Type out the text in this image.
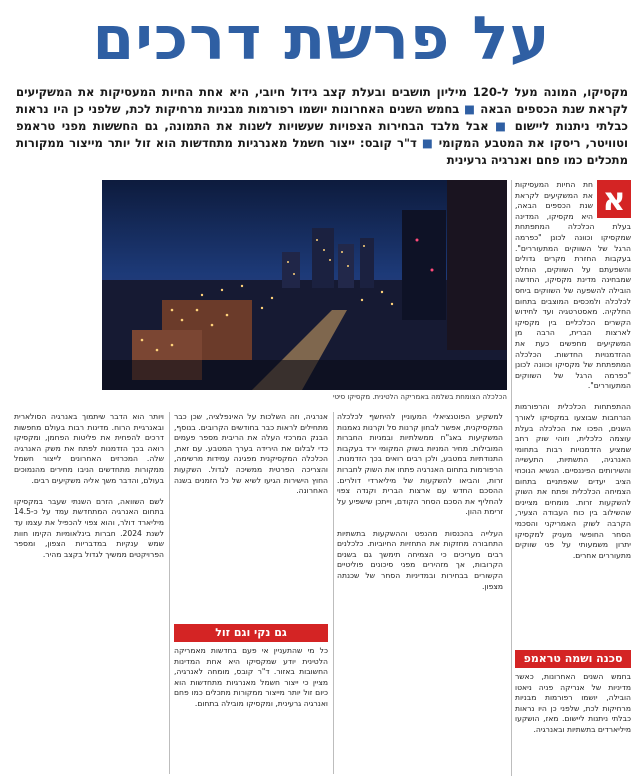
על פרשת דרכים
מקסיקו, המונה מעל ל-120 מיליון תושבים ובעלת קצב גידול חיובי, היא אחת החיות המעסיקות את המשקיעים לקראת שנת הכספים הבאה ■ בחמש השנים האחרונות יושמו רפורמות מבניות מרחיקות לכת, שלפני כן היו נראות כבלתי ניתנות ליישום ■ אבל מלבד הבחירות הצפויות שעשויות לשנות את התמונה, גם החששות מפני טראמפ וטוויטר, ריסקו את המטבע המקומי ■ ד"ר קובס: ייצור חשמל מאנרגיות מתחדשות הוא זול יותר מייצור ממקורות מתכלים כמו פחם ואנרגיה גרעינית
הכלכלה הצומחת בשלמה באמריקה הלטינית. מקסיקו סיטי
א
חת החיות המעסיקות את המשקיעים לקראת שנת הכספים הבאה, היא מקסיקו, המדינה בעלת הכלכלה המתפתחת שמקסיקו וכוונה לכונן "כפרמה הרגל של השווקים המתעוררים". בעקבות החזרת מקרים גדולים והשפעתם על השווקים, הוחלט שמבחינה מדינת מקסיקו, החדשה הובילה להשפעה של השווקים ביחס לכלכלה ולמכסים המוצבים בתחום החלקיה. מאסטרטגיה ועד לחידוש הקשרים הכלכליים בין מקסיקו לארצות הברית, הרבה מן המשקיעים מחפשים כעת את ההזדמנויות החדשות. הכלכלה המתפתחת של מקסיקו וכוונה לכונן "כפרמה הרגל של השווקים המתעוררים".

ההתפתחות הכלכלית והרפורמות הנרחבות שבוצעו במקסיקו לאורך השנים, הפכו את הכלכלה בעלת עוצמה כלכלית, וזוהי שוק רחב שמציע הזדמנויות רבות בתחומי האנרגיה, התשתיות, התעשייה והשירותים הפיננסיים. הנשיא הנוכחי הציב יעדים שאפתניים בתחום הצמיחה הכלכלית ופתח את השוק להשקעות זרות. מומחים מציינים שהשילוב בין כוח העבודה הצעיר, הקרבה לשוק האמריקני והסכמי הסחר החופשי מעניק למקסיקו יתרון משמעותי על פני שווקים מתעוררים אחרים.
סכנה ושמה טראמפ
בחמש השנים האחרונות, כאשר מדיניות של אנריקה פניה ניאטו הובילה, יושמו רפורמות מבניות מרחיקות לכת, שלפני כן היו נראות כבלתי ניתנות ליישום. מאז, הושקעו מיליארדים בתשתיות ובאנרגיה.
למשקיע הפוטנציאלי המעוניין להיחשף לכלכלה המקסיקנית, אפשר לבחון קרנות סל וקרנות נאמנות המשקיעות באג"ח ממשלתיות ובמניות החברות המובילות. מחיר המניות בשוק המקומי ירד בעקבות התנודתיות במטבע, ולכן רבים רואים בכך הזדמנות. הרפורמות בתחום האנרגיה פתחו את השוק לחברות זרות, והביאו להשקעות של מיליארדי דולרים. ההסכם החדש עם ארצות הברית וקנדה צפוי להחליף את הסכם הסחר הקודם, וייתכן שישפיע על זרימת ההון.

העלייה בהכנסות מהנפט וההשקעות בתשתיות התחבורה מחזקות את התחזיות החיוביות. כלכלנים רבים מעריכים כי הצמיחה תימשך גם בשנים הקרובות, אך מזהירים מפני סיכונים פוליטיים הקשורים בבחירות ובמדיניות הסחר של שכנתה מצפון.
אנרגיה, וזה השלכות על האינפלציה, שכן כבר מתחילים לראות כבר בחודשים הקרובים. בנוסף, הבנק המרכזי העלה את הריבית מספר פעמים כדי לבלום את הירידה בערך המטבע. עם זאת, הכלכלה המקסיקנית מפגינה עמידות מרשימה, והצריכה הפרטית ממשיכה לגדול. השקעות החוץ הישירות הגיעו לשיא של כל הזמנים בשנה האחרונה.
גם נקי וגם זול
כל מי שהתעניין אי פעם בחדשות מאמריקה הלטינית יודע שמקסיקו היא אחת המדינות החשובות באזור. ד"ר קובס, מומחה לאנרגיה, מציין כי ייצור חשמל מאנרגיות מתחדשות הוא כיום זול יותר מייצור ממקורות מתכלים כמו פחם ואנרגיה גרעינית, ומקסיקו מובילה בתחום.
ויותר הוא הדבר שיתמוך באנרגיה הסולארית ובאנרגיית הרוח. מדינות רבות בעולם מחפשות דרכים להפחית את פליטות הפחמן, ומקסיקו רואה בכך הזדמנות לפתח את משק האנרגיה שלה. המכרזים האחרונים לייצור חשמל ממקורות מתחדשים הניבו מחירים מהנמוכים בעולם, והדבר משך אליה משקיעים רבים.

לשם השוואה, הזרם השנתי שעבר במקסיקו בתחום האנרגיה המתחדשת עמד על כ-14.5 מיליארד דולר, והוא צפוי להכפיל את עצמו עד לשנת 2024. חברות בינלאומיות הקימו חוות שמש ענקיות במדבריות הצפון, ומספר הפרויקטים ממשיך לגדול בקצב מהיר.
